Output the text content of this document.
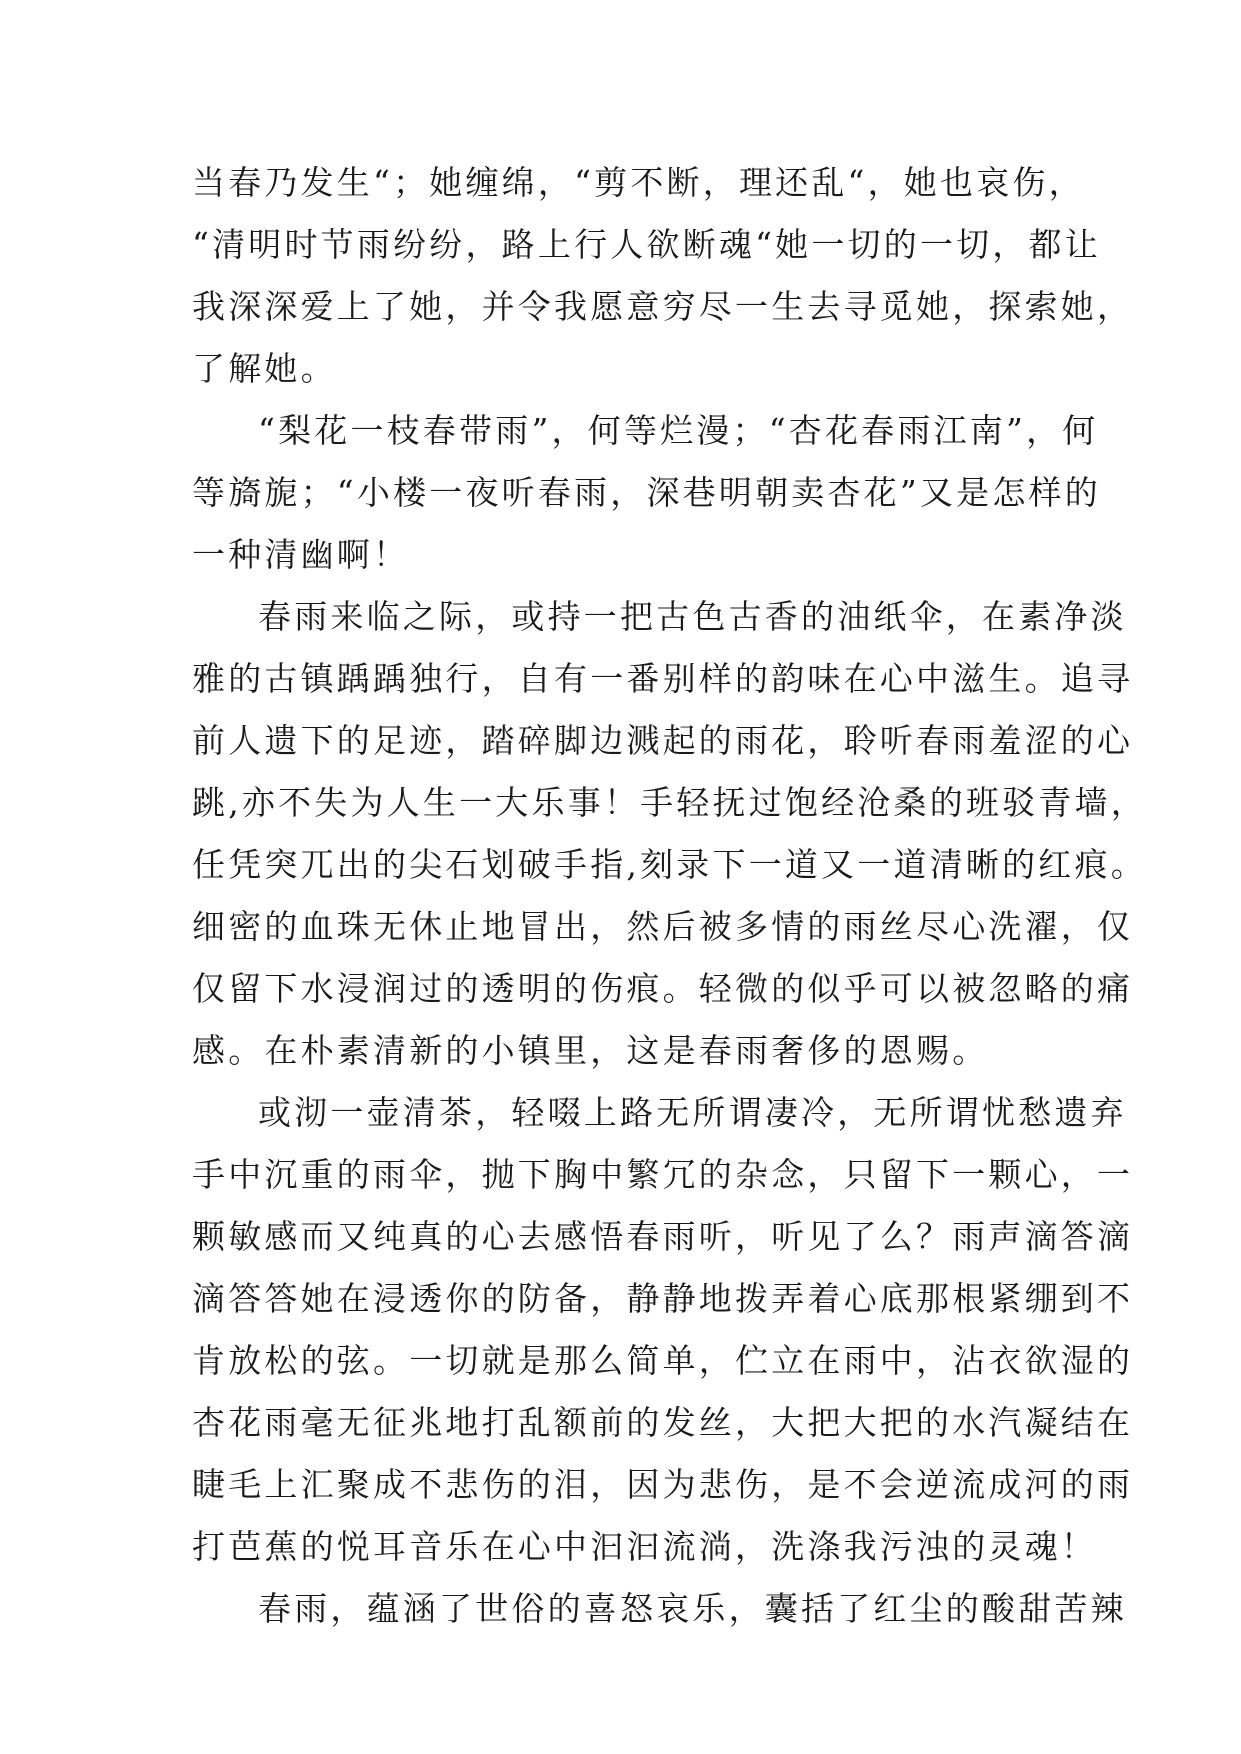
当春乃发生“；她缠绵，“剪不断，理还乱“，她也哀伤，
“清明时节雨纷纷，路上行人欲断魂“她一切的一切，都让
我深深爱上了她，并令我愿意穷尽一生去寻觅她，探索她，
了解她。
“梨花一枝春带雨”，何等烂漫；“杏花春雨江南”，何
等旖旎；“小楼一夜听春雨，深巷明朝卖杏花”又是怎样的
一种清幽啊！
春雨来临之际，或持一把古色古香的油纸伞，在素净淡
雅的古镇踽踽独行，自有一番别样的韵味在心中滋生。追寻
前人遗下的足迹，踏碎脚边溅起的雨花，聆听春雨羞涩的心
跳,亦不失为人生一大乐事！手轻抚过饱经沧桑的班驳青墙，
任凭突兀出的尖石划破手指,刻录下一道又一道清晰的红痕。
细密的血珠无休止地冒出，然后被多情的雨丝尽心洗濯，仅
仅留下水浸润过的透明的伤痕。轻微的似乎可以被忽略的痛
感。在朴素清新的小镇里，这是春雨奢侈的恩赐。
或沏一壶清茶，轻啜上路无所谓凄冷，无所谓忧愁遗弃
手中沉重的雨伞，抛下胸中繁冗的杂念，只留下一颗心，一
颗敏感而又纯真的心去感悟春雨听，听见了么？雨声滴答滴
滴答答她在浸透你的防备，静静地拨弄着心底那根紧绷到不
肯放松的弦。一切就是那么简单，伫立在雨中，沾衣欲湿的
杏花雨毫无征兆地打乱额前的发丝，大把大把的水汽凝结在
睫毛上汇聚成不悲伤的泪，因为悲伤，是不会逆流成河的雨
打芭蕉的悦耳音乐在心中汩汩流淌，洗涤我污浊的灵魂！
春雨，蕴涵了世俗的喜怒哀乐，囊括了红尘的酸甜苦辣
